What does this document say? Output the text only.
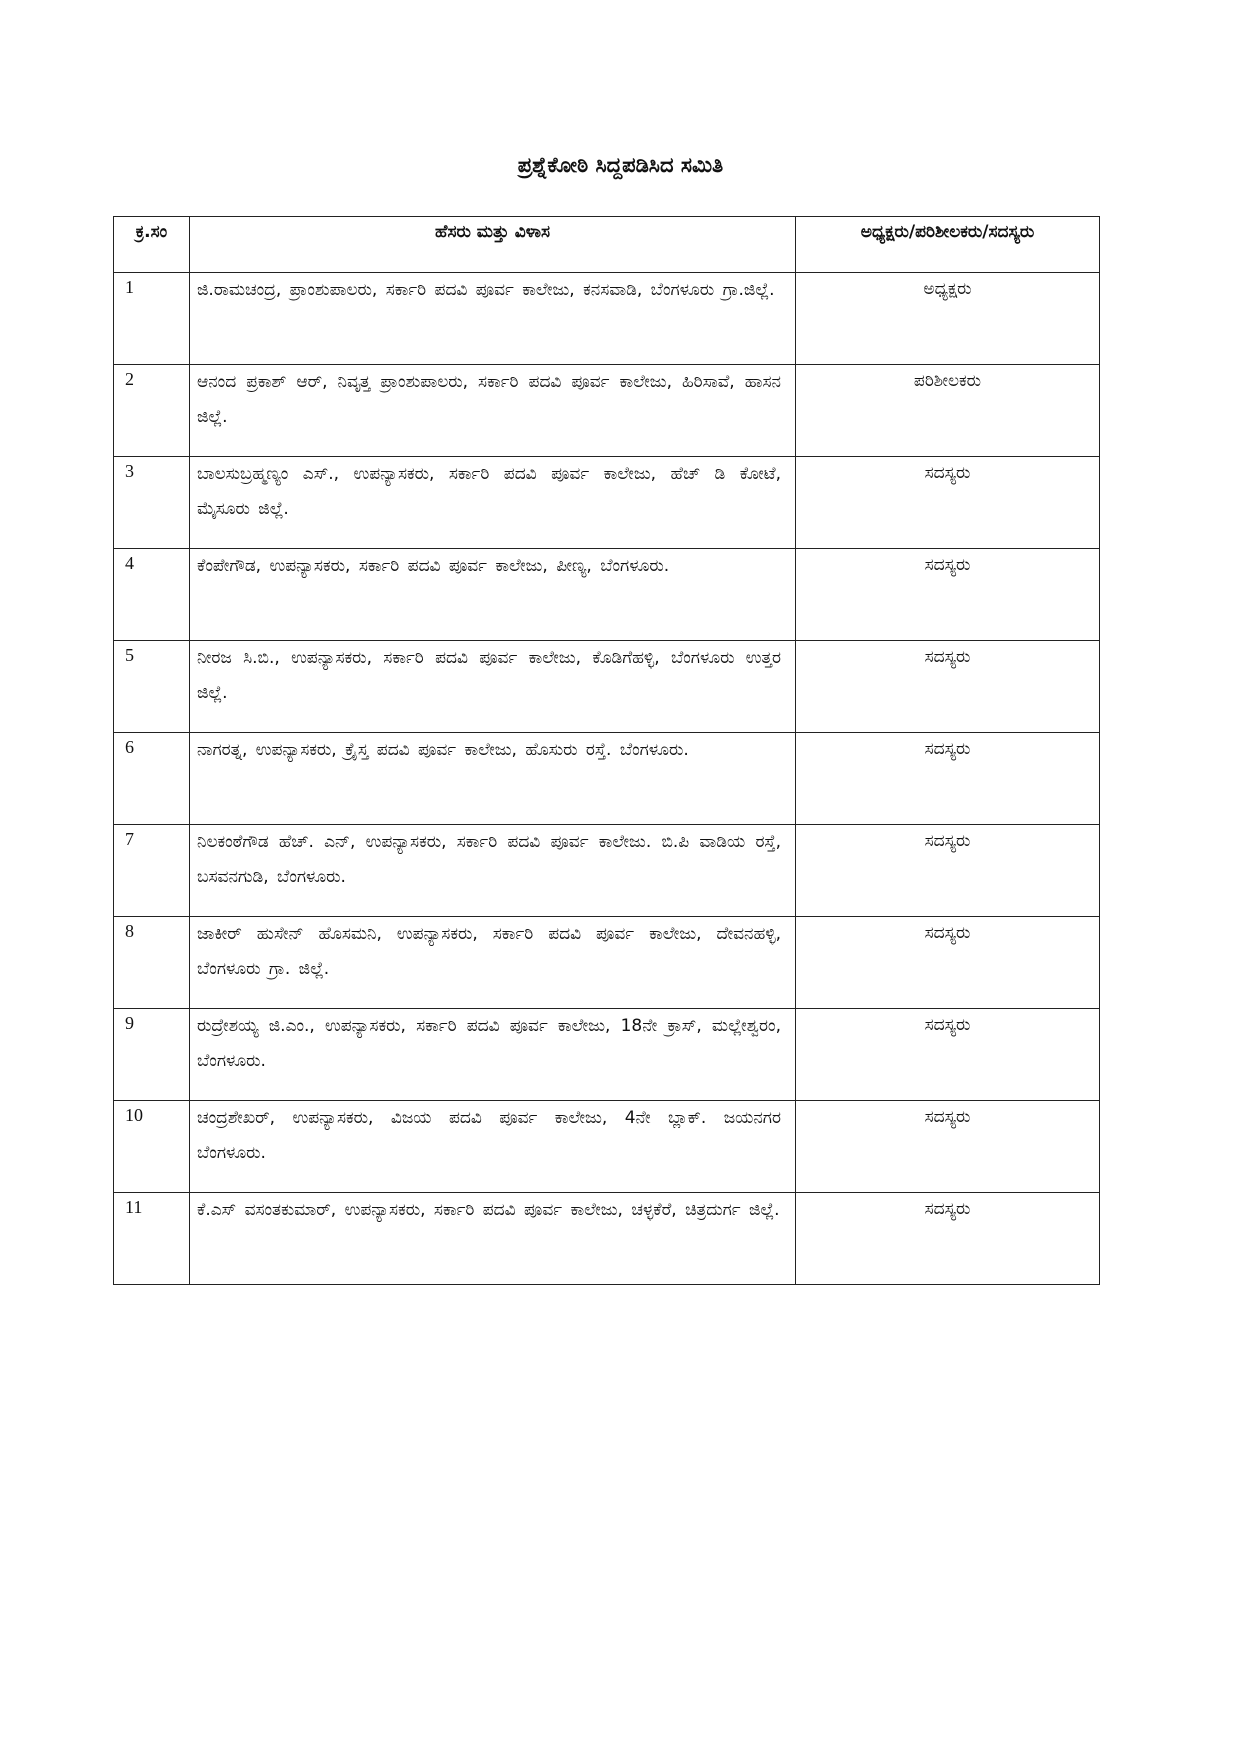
ಪ್ರಶ್ನೆಕೋಠಿ ಸಿದ್ದಪಡಿಸಿದ ಸಮಿತಿ
ಕ್ರ.ಸಂ	ಹೆಸರು ಮತ್ತು ವಿಳಾಸ	ಅಧ್ಯಕ್ಷರು/ಪರಿಶೀಲಕರು/ಸದಸ್ಯರು
1	ಜಿ.ರಾಮಚಂದ್ರ, ಪ್ರಾಂಶುಪಾಲರು, ಸರ್ಕಾರಿ ಪದವಿ ಪೂರ್ವ ಕಾಲೇಜು, ಕನಸವಾಡಿ, ಬೆಂಗಳೂರು ಗ್ರಾ.ಜಿಲ್ಲೆ.	ಅಧ್ಯಕ್ಷರು
2	ಆನಂದ ಪ್ರಕಾಶ್ ಆರ್, ನಿವೃತ್ತ ಪ್ರಾಂಶುಪಾಲರು, ಸರ್ಕಾರಿ ಪದವಿ ಪೂರ್ವ ಕಾಲೇಜು, ಹಿರಿಸಾವೆ, ಹಾಸನ ಜಿಲ್ಲೆ.	ಪರಿಶೀಲಕರು
3	ಬಾಲಸುಬ್ರಹ್ಮಣ್ಯಂ ಎಸ್., ಉಪನ್ಯಾಸಕರು, ಸರ್ಕಾರಿ ಪದವಿ ಪೂರ್ವ ಕಾಲೇಜು, ಹೆಚ್ ಡಿ ಕೋಟೆ, ಮೈಸೂರು ಜಿಲ್ಲೆ.	ಸದಸ್ಯರು
4	ಕೆಂಪೇಗೌಡ, ಉಪನ್ಯಾಸಕರು, ಸರ್ಕಾರಿ ಪದವಿ ಪೂರ್ವ ಕಾಲೇಜು, ಪೀಣ್ಯ, ಬೆಂಗಳೂರು.	ಸದಸ್ಯರು
5	ನೀರಜ ಸಿ.ಬಿ., ಉಪನ್ಯಾಸಕರು, ಸರ್ಕಾರಿ ಪದವಿ ಪೂರ್ವ ಕಾಲೇಜು, ಕೊಡಿಗೆಹಳ್ಳಿ, ಬೆಂಗಳೂರು ಉತ್ತರ ಜಿಲ್ಲೆ.	ಸದಸ್ಯರು
6	ನಾಗರತ್ನ, ಉಪನ್ಯಾಸಕರು, ಕ್ರೈಸ್ತ ಪದವಿ ಪೂರ್ವ ಕಾಲೇಜು, ಹೊಸುರು ರಸ್ತೆ. ಬೆಂಗಳೂರು.	ಸದಸ್ಯರು
7	ನಿಲಕಂಠೆಗೌಡ ಹೆಚ್. ಎನ್, ಉಪನ್ಯಾಸಕರು, ಸರ್ಕಾರಿ ಪದವಿ ಪೂರ್ವ ಕಾಲೇಜು. ಬಿ.ಪಿ ವಾಡಿಯ ರಸ್ತೆ, ಬಸವನಗುಡಿ, ಬೆಂಗಳೂರು.	ಸದಸ್ಯರು
8	ಜಾಕೀರ್ ಹುಸೇನ್ ಹೊಸಮನಿ, ಉಪನ್ಯಾಸಕರು, ಸರ್ಕಾರಿ ಪದವಿ ಪೂರ್ವ ಕಾಲೇಜು, ದೇವನಹಳ್ಳಿ, ಬೆಂಗಳೂರು ಗ್ರಾ. ಜಿಲ್ಲೆ.	ಸದಸ್ಯರು
9	ರುದ್ರೇಶಯ್ಯ ಜಿ.ಎಂ., ಉಪನ್ಯಾಸಕರು, ಸರ್ಕಾರಿ ಪದವಿ ಪೂರ್ವ ಕಾಲೇಜು, 18ನೇ ಕ್ರಾಸ್, ಮಲ್ಲೇಶ್ವರಂ, ಬೆಂಗಳೂರು.	ಸದಸ್ಯರು
10	ಚಂದ್ರಶೇಖರ್, ಉಪನ್ಯಾಸಕರು, ವಿಜಯ ಪದವಿ ಪೂರ್ವ ಕಾಲೇಜು, 4ನೇ ಬ್ಲಾಕ್. ಜಯನಗರ ಬೆಂಗಳೂರು.	ಸದಸ್ಯರು
11	ಕೆ.ಎಸ್ ವಸಂತಕುಮಾರ್, ಉಪನ್ಯಾಸಕರು, ಸರ್ಕಾರಿ ಪದವಿ ಪೂರ್ವ ಕಾಲೇಜು, ಚಳ್ಳಕೆರೆ, ಚಿತ್ರದುರ್ಗ ಜಿಲ್ಲೆ.	ಸದಸ್ಯರು
